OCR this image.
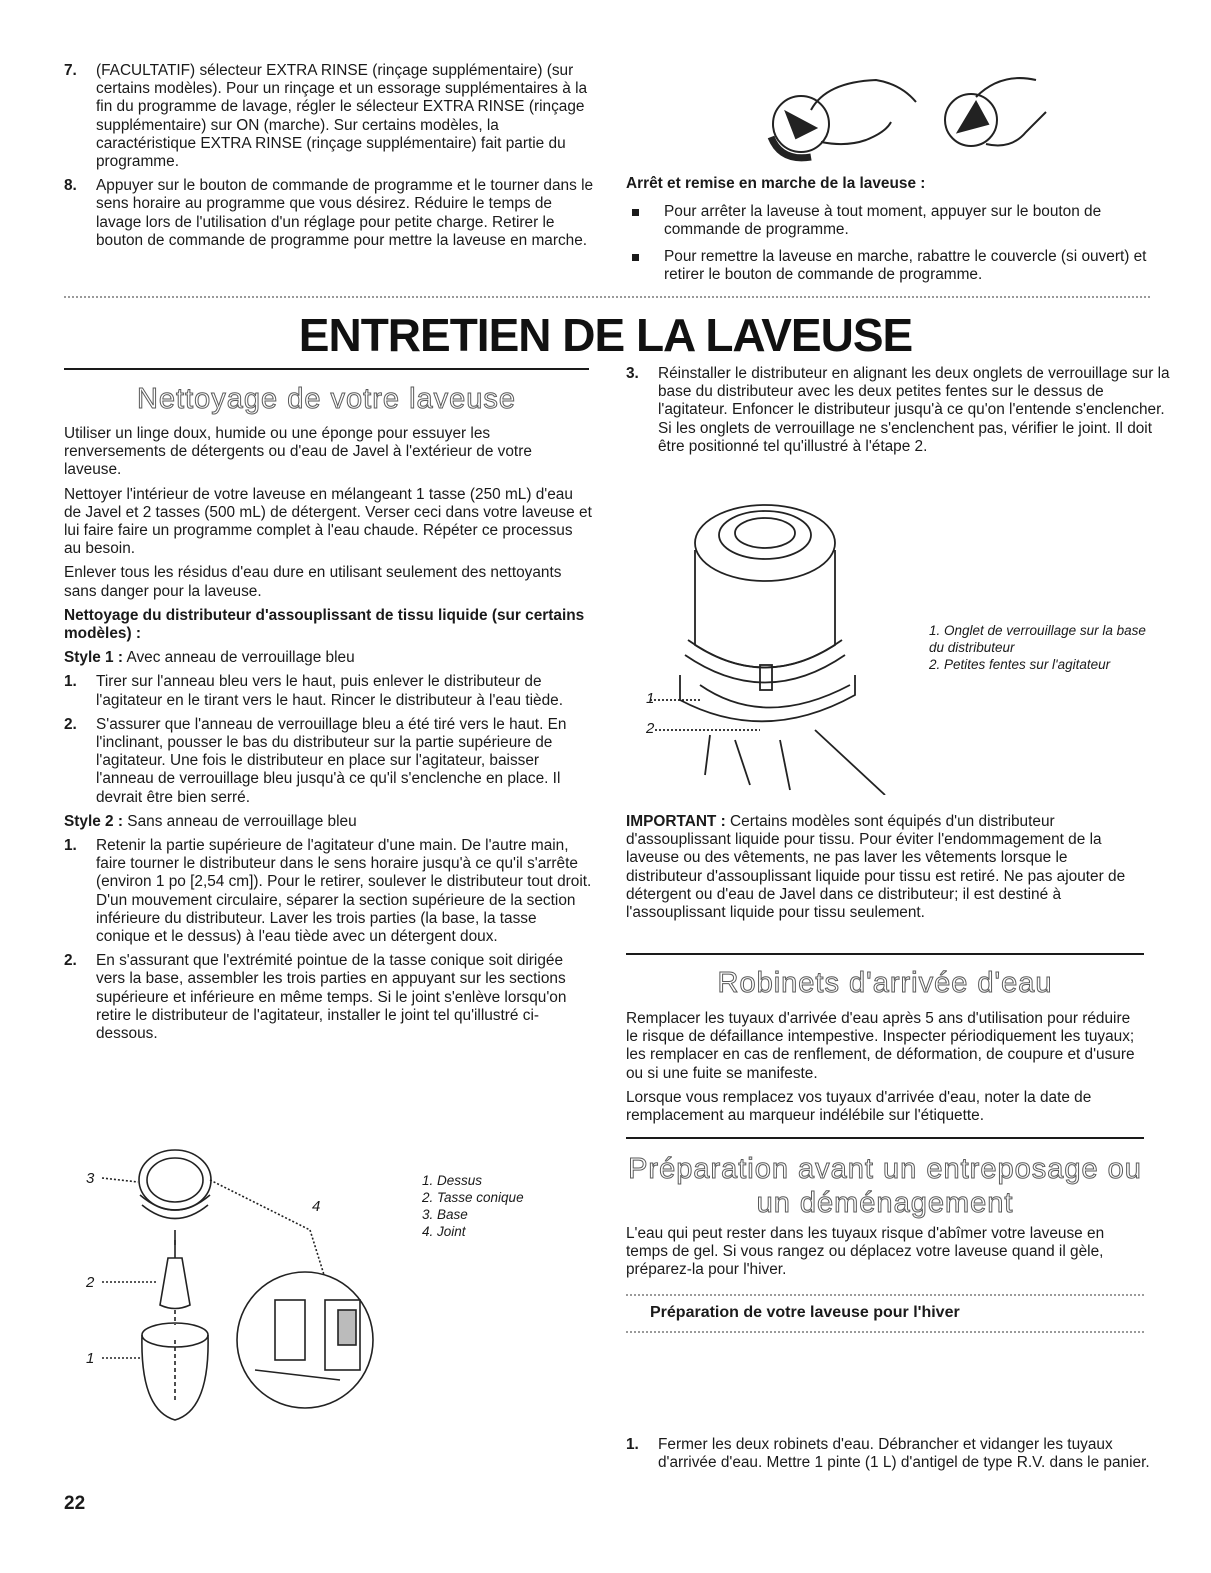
7. (FACULTATIF) sélecteur EXTRA RINSE (rinçage supplémentaire) (sur certains modèles). Pour un rinçage et un essorage supplémentaires à la fin du programme de lavage, régler le sélecteur EXTRA RINSE (rinçage supplémentaire) sur ON (marche). Sur certains modèles, la caractéristique EXTRA RINSE (rinçage supplémentaire) fait partie du programme.

8. Appuyer sur le bouton de commande de programme et le tourner dans le sens horaire au programme que vous désirez. Réduire le temps de lavage lors de l'utilisation d'un réglage pour petite charge. Retirer le bouton de commande de programme pour mettre la laveuse en marche.

Arrêt et remise en marche de la laveuse :

Pour arrêter la laveuse à tout moment, appuyer sur le bouton de commande de programme.
Pour remettre la laveuse en marche, rabattre le couvercle (si ouvert) et retirer le bouton de commande de programme.
ENTRETIEN DE LA LAVEUSE
Nettoyage de votre laveuse

Utiliser un linge doux, humide ou une éponge pour essuyer les renversements de détergents ou d'eau de Javel à l'extérieur de votre laveuse.

Nettoyer l'intérieur de votre laveuse en mélangeant 1 tasse (250 mL) d'eau de Javel et 2 tasses (500 mL) de détergent. Verser ceci dans votre laveuse et lui faire faire un programme complet à l'eau chaude. Répéter ce processus au besoin.

Enlever tous les résidus d'eau dure en utilisant seulement des nettoyants sans danger pour la laveuse.

Nettoyage du distributeur d'assouplissant de tissu liquide (sur certains modèles) :

Style 1 : Avec anneau de verrouillage bleu

1. Tirer sur l'anneau bleu vers le haut, puis enlever le distributeur de l'agitateur en le tirant vers le haut. Rincer le distributeur à l'eau tiède.

2. S'assurer que l'anneau de verrouillage bleu a été tiré vers le haut. En l'inclinant, pousser le bas du distributeur sur la partie supérieure de l'agitateur. Une fois le distributeur en place sur l'agitateur, baisser l'anneau de verrouillage bleu jusqu'à ce qu'il s'enclenche en place. Il devrait être bien serré.

Style 2 : Sans anneau de verrouillage bleu

1. Retenir la partie supérieure de l'agitateur d'une main. De l'autre main, faire tourner le distributeur dans le sens horaire jusqu'à ce qu'il s'arrête (environ 1 po [2,54 cm]). Pour le retirer, soulever le distributeur tout droit. D'un mouvement circulaire, séparer la section supérieure de la section inférieure du distributeur. Laver les trois parties (la base, la tasse conique et le dessus) à l'eau tiède avec un détergent doux.

2. En s'assurant que l'extrémité pointue de la tasse conique soit dirigée vers la base, assembler les trois parties en appuyant sur les sections supérieure et inférieure en même temps. Si le joint s'enlève lorsqu'on retire le distributeur de l'agitateur, installer le joint tel qu'illustré ci-dessous.

3
4
2
1

1. Dessus

2. Tasse conique

3. Base

4. Joint

3. Réinstaller le distributeur en alignant les deux onglets de verrouillage sur la base du distributeur avec les deux petites fentes sur le dessus de l'agitateur. Enfoncer le distributeur jusqu'à ce qu'on l'entende s'enclencher. Si les onglets de verrouillage ne s'enclenchent pas, vérifier le joint. Il doit être positionné tel qu'illustré à l'étape 2.

1
2

1. Onglet de verrouillage sur la base du distributeur

2. Petites fentes sur l'agitateur

IMPORTANT : Certains modèles sont équipés d'un distributeur d'assouplissant liquide pour tissu. Pour éviter l'endommagement de la laveuse ou des vêtements, ne pas laver les vêtements lorsque le distributeur d'assouplissant liquide pour tissu est retiré. Ne pas ajouter de détergent ou d'eau de Javel dans ce distributeur; il est destiné à l'assouplissant liquide pour tissu seulement.

Robinets d'arrivée d'eau

Remplacer les tuyaux d'arrivée d'eau après 5 ans d'utilisation pour réduire le risque de défaillance intempestive. Inspecter périodiquement les tuyaux; les remplacer en cas de renflement, de déformation, de coupure et d'usure ou si une fuite se manifeste.

Lorsque vous remplacez vos tuyaux d'arrivée d'eau, noter la date de remplacement au marqueur indélébile sur l'étiquette.

Préparation avant un entreposage ou
un déménagement

L'eau qui peut rester dans les tuyaux risque d'abîmer votre laveuse en temps de gel. Si vous rangez ou déplacez votre laveuse quand il gèle, préparez-la pour l'hiver.

Préparation de votre laveuse pour l'hiver
1. Fermer les deux robinets d'eau. Débrancher et vidanger les tuyaux d'arrivée d'eau. Mettre 1 pinte (1 L) d'antigel de type R.V. dans le panier.

22
